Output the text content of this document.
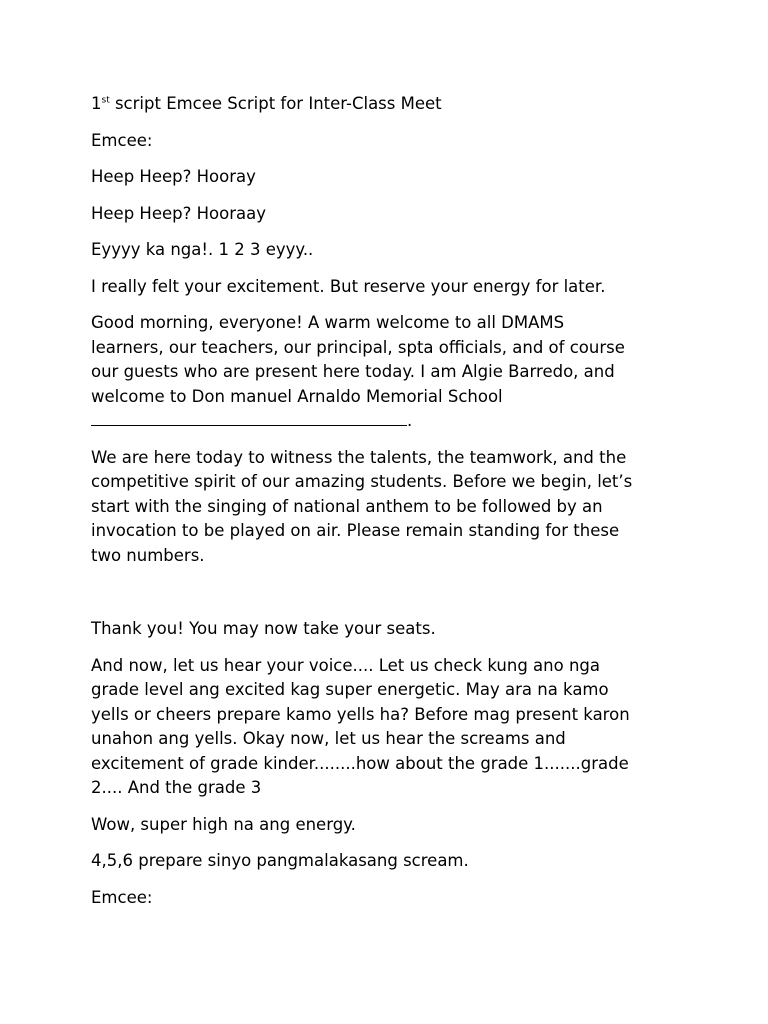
1st script Emcee Script for Inter-Class Meet

Emcee:

Heep Heep? Hooray

Heep Heep? Hooraay

Eyyyy ka nga!. 1 2 3 eyyy..

I really felt your excitement. But reserve your energy for later.

Good morning, everyone! A warm welcome to all DMAMS
learners, our teachers, our principal, spta officials, and of course
our guests who are present here today. I am Algie Barredo, and
welcome to Don manuel Arnaldo Memorial School
.

We are here today to witness the talents, the teamwork, and the
competitive spirit of our amazing students. Before we begin, let’s
start with the singing of national anthem to be followed by an
invocation to be played on air. Please remain standing for these
two numbers.

Thank you! You may now take your seats.

And now, let us hear your voice.... Let us check kung ano nga
grade level ang excited kag super energetic. May ara na kamo
yells or cheers prepare kamo yells ha? Before mag present karon
unahon ang yells. Okay now, let us hear the screams and
excitement of grade kinder........how about the grade 1.......grade
2.... And the grade 3

Wow, super high na ang energy.

4,5,6 prepare sinyo pangmalakasang scream.

Emcee:
